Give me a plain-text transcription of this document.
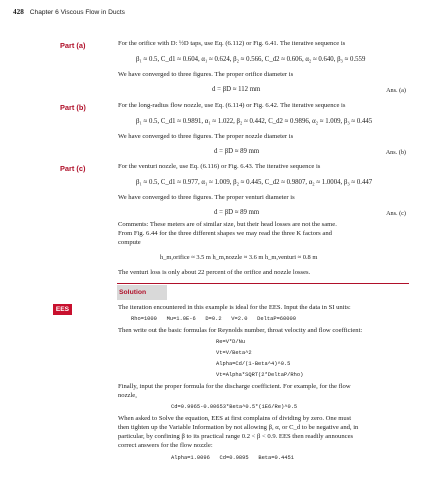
428 Chapter 6 Viscous Flow in Ducts
Part (a)	For the orifice with D: ½D taps, use Eq. (6.112) or Fig. 6.41. The iterative sequence is
β₁ ≈ 0.5, C_d1 ≈ 0.604, α₁ ≈ 0.624, β₂ ≈ 0.566, C_d2 ≈ 0.606, α₂ ≈ 0.640, β₃ ≈ 0.559
We have converged to three figures. The proper orifice diameter is
d = βD ≈ 112 mm	Ans. (a)
Part (b)	For the long-radius flow nozzle, use Eq. (6.114) or Fig. 6.42. The iterative sequence is
β₁ ≈ 0.5, C_d1 ≈ 0.9891, α₁ ≈ 1.022, β₂ ≈ 0.442, C_d2 ≈ 0.9896, α₂ ≈ 1.009, β₃ ≈ 0.445
We have converged to three figures. The proper nozzle diameter is
d = βD ≈ 89 mm	Ans. (b)
Part (c)	For the venturi nozzle, use Eq. (6.116) or Fig. 6.43. The iterative sequence is
β₁ ≈ 0.5, C_d1 ≈ 0.977, α₁ ≈ 1.009, β₂ ≈ 0.445, C_d2 ≈ 0.9807, α₂ ≈ 1.0004, β₃ ≈ 0.447
We have converged to three figures. The proper venturi diameter is
d = βD ≈ 89 mm	Ans. (c)
Comments: These meters are of similar size, but their head losses are not the same.
From Fig. 6.44 for the three different shapes we may read the three K factors and
compute
h_m,orifice ≈ 3.5 m h_m,nozzle ≈ 3.6 m h_m,venturi ≈ 0.8 m
The venturi loss is only about 22 percent of the orifice and nozzle losses.
Solution
EES	The iteration encountered in this example is ideal for the EES. Input the data in SI units:
Rho=1000   Mu=1.0E-6   D=0.2   V=2.0   DeltaP=60000
Then write out the basic formulas for Reynolds number, throat velocity and flow coefficient:
Re=V*D/Nu
Vt=V/Beta^2
Alpha=Cd/(1-Beta^4)^0.5
Vt=Alpha*SQRT(2*DeltaP/Rho)
Finally, input the proper formula for the discharge coefficient. For example, for the flow
nozzle,
Cd=0.9965-0.00653*Beta^0.5*(1E6/Re)^0.5
When asked to Solve the equation, EES at first complains of dividing by zero. One must
then tighten up the Variable Information by not allowing β, α, or C_d to be negative and, in
particular, by confining β to its practical range 0.2 < β < 0.9. EES then readily announces
correct answers for the flow nozzle:
Alpha=1.0096   Cd=0.9895   Beta=0.4451
